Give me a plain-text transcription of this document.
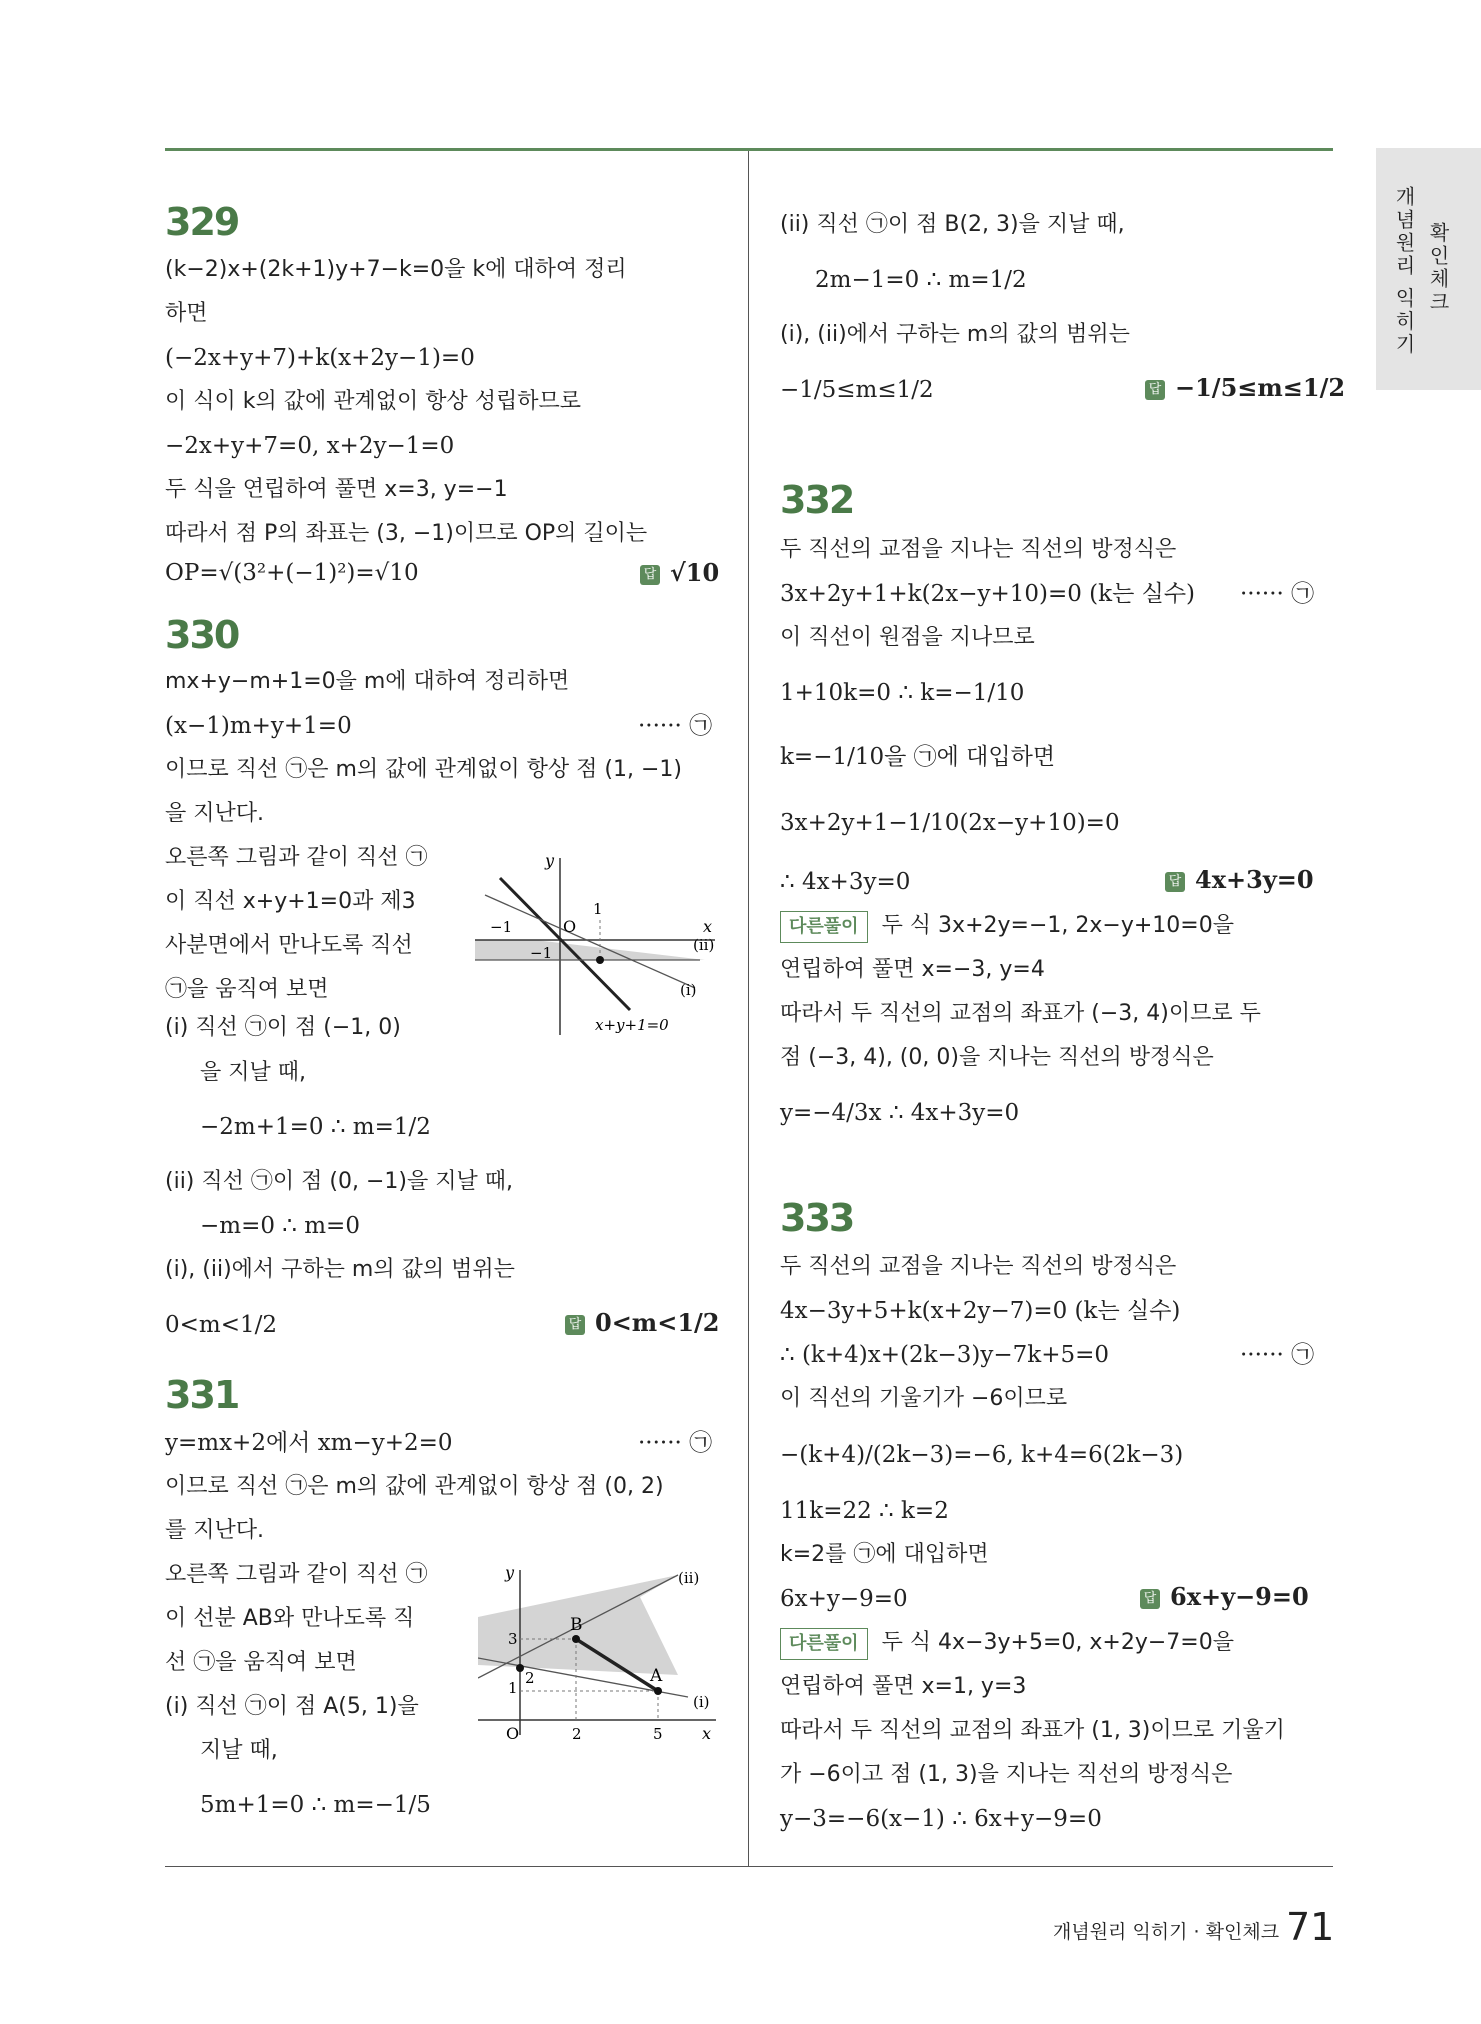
개념원리 익히기 확인체크
329
(k−2)x+(2k+1)y+7−k=0을 k에 대하여 정리
하면
(−2x+y+7)+k(x+2y−1)=0
이 식이 k의 값에 관계없이 항상 성립하므로
−2x+y+7=0, x+2y−1=0
두 식을 연립하여 풀면 x=3, y=−1
따라서 점 P의 좌표는 (3, −1)이므로 OP의 길이는
OP=√(3²+(−1)²)=√10	답 √10
330
mx+y−m+1=0을 m에 대하여 정리하면
(x−1)m+y+1=0	······ ㉠
이므로 직선 ㉠은 m의 값에 관계없이 항상 점 (1, −1)
을 지난다.
오른쪽 그림과 같이 직선 ㉠
이 직선 x+y+1=0과 제3
사분면에서 만나도록 직선
㉠을 움직여 보면
(i) 직선 ㉠이 점 (−1, 0)
을 지날 때,
−2m+1=0 ∴ m=1/2
(ii) 직선 ㉠이 점 (0, −1)을 지날 때,
−m=0 ∴ m=0
(i), (ii)에서 구하는 m의 값의 범위는
0<m<1/2	답 0<m<1/2
y
x
O
1
−1
−1	(ii)
(i)
x+y+1=0
331
y=mx+2에서 xm−y+2=0	······ ㉠
이므로 직선 ㉠은 m의 값에 관계없이 항상 점 (0, 2)
를 지난다.
오른쪽 그림과 같이 직선 ㉠
이 선분 AB와 만나도록 직
선 ㉠을 움직여 보면
(i) 직선 ㉠이 점 A(5, 1)을
지날 때,
5m+1=0 ∴ m=−1/5
y
x
O
1
2
3
2	5
B
A
(ii)
(i)
(ii) 직선 ㉠이 점 B(2, 3)을 지날 때,
2m−1=0 ∴ m=1/2
(i), (ii)에서 구하는 m의 값의 범위는
−1/5≤m≤1/2	답 −1/5≤m≤1/2
332
두 직선의 교점을 지나는 직선의 방정식은
3x+2y+1+k(2x−y+10)=0 (k는 실수) ······ ㉠
이 직선이 원점을 지나므로
1+10k=0 ∴ k=−1/10
k=−1/10을 ㉠에 대입하면
3x+2y+1−1/10(2x−y+10)=0
∴ 4x+3y=0	답 4x+3y=0
다른풀이 두 식 3x+2y=−1, 2x−y+10=0을
연립하여 풀면 x=−3, y=4
따라서 두 직선의 교점의 좌표가 (−3, 4)이므로 두
점 (−3, 4), (0, 0)을 지나는 직선의 방정식은
y=−4/3x ∴ 4x+3y=0
333
두 직선의 교점을 지나는 직선의 방정식은
4x−3y+5+k(x+2y−7)=0 (k는 실수)
∴ (k+4)x+(2k−3)y−7k+5=0	······ ㉠
이 직선의 기울기가 −6이므로
−(k+4)/(2k−3)=−6, k+4=6(2k−3)
11k=22 ∴ k=2
k=2를 ㉠에 대입하면
6x+y−9=0	답 6x+y−9=0
다른풀이 두 식 4x−3y+5=0, x+2y−7=0을
연립하여 풀면 x=1, y=3
따라서 두 직선의 교점의 좌표가 (1, 3)이므로 기울기
가 −6이고 점 (1, 3)을 지나는 직선의 방정식은
y−3=−6(x−1) ∴ 6x+y−9=0
개념원리 익히기 · 확인체크 71
